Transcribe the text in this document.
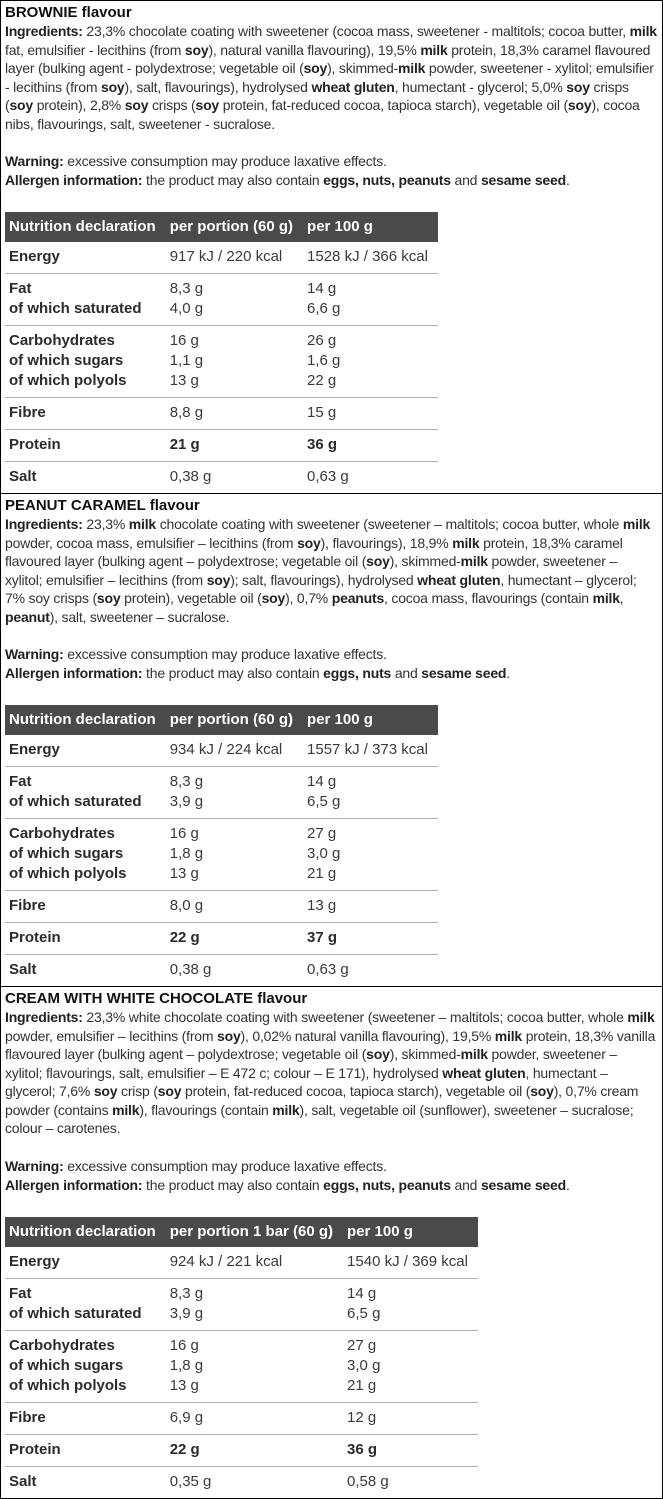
BROWNIE flavour

Ingredients: 23,3% chocolate coating with sweetener (cocoa mass, sweetener - maltitols; cocoa butter, milk fat, emulsifier - lecithins (from soy), natural vanilla flavouring), 19,5% milk protein, 18,3% caramel flavoured layer (bulking agent - polydextrose; vegetable oil (soy), skimmed-milk powder, sweetener - xylitol; emulsifier - lecithins (from soy), salt, flavourings), hydrolysed wheat gluten, humectant - glycerol; 5,0% soy crisps (soy protein), 2,8% soy crisps (soy protein, fat-reduced cocoa, tapioca starch), vegetable oil (soy), cocoa nibs, flavourings, salt, sweetener - sucralose.

Warning: excessive consumption may produce laxative effects.

Allergen information: the product may also contain eggs, nuts, peanuts and sesame seed.

Nutrition declaration	per portion (60 g)	per 100 g
Energy	917 kJ / 220 kcal	1528 kJ / 366 kcal
Fat	8,3 g	14 g
of which saturated	4,0 g	6,6 g
Carbohydrates	16 g	26 g
of which sugars	1,1 g	1,6 g
of which polyols	13 g	22 g
Fibre	8,8 g	15 g
Protein	21 g	36 g
Salt	0,38 g	0,63 g
PEANUT CARAMEL flavour

Ingredients: 23,3% milk chocolate coating with sweetener (sweetener – maltitols; cocoa butter, whole milk powder, cocoa mass, emulsifier – lecithins (from soy), flavourings), 18,9% milk protein, 18,3% caramel flavoured layer (bulking agent – polydextrose; vegetable oil (soy), skimmed-milk powder, sweetener – xylitol; emulsifier – lecithins (from soy); salt, flavourings), hydrolysed wheat gluten, humectant – glycerol; 7% soy crisps (soy protein), vegetable oil (soy), 0,7% peanuts, cocoa mass, flavourings (contain milk, peanut), salt, sweetener – sucralose.

Warning: excessive consumption may produce laxative effects.

Allergen information: the product may also contain eggs, nuts and sesame seed.

Nutrition declaration	per portion (60 g)	per 100 g
Energy	934 kJ / 224 kcal	1557 kJ / 373 kcal
Fat	8,3 g	14 g
of which saturated	3,9 g	6,5 g
Carbohydrates	16 g	27 g
of which sugars	1,8 g	3,0 g
of which polyols	13 g	21 g
Fibre	8,0 g	13 g
Protein	22 g	37 g
Salt	0,38 g	0,63 g
CREAM WITH WHITE CHOCOLATE flavour

Ingredients: 23,3% white chocolate coating with sweetener (sweetener – maltitols; cocoa butter, whole milk powder, emulsifier – lecithins (from soy), 0,02% natural vanilla flavouring), 19,5% milk protein, 18,3% vanilla flavoured layer (bulking agent – polydextrose; vegetable oil (soy), skimmed-milk powder, sweetener – xylitol; flavourings, salt, emulsifier – E 472 c; colour – E 171), hydrolysed wheat gluten, humectant – glycerol; 7,6% soy crisp (soy protein, fat-reduced cocoa, tapioca starch), vegetable oil (soy), 0,7% cream powder (contains milk), flavourings (contain milk), salt, vegetable oil (sunflower), sweetener – sucralose; colour – carotenes.

Warning: excessive consumption may produce laxative effects.

Allergen information: the product may also contain eggs, nuts, peanuts and sesame seed.

Nutrition declaration	per portion 1 bar (60 g)	per 100 g
Energy	924 kJ / 221 kcal	1540 kJ / 369 kcal
Fat	8,3 g	14 g
of which saturated	3,9 g	6,5 g
Carbohydrates	16 g	27 g
of which sugars	1,8 g	3,0 g
of which polyols	13 g	21 g
Fibre	6,9 g	12 g
Protein	22 g	36 g
Salt	0,35 g	0,58 g
